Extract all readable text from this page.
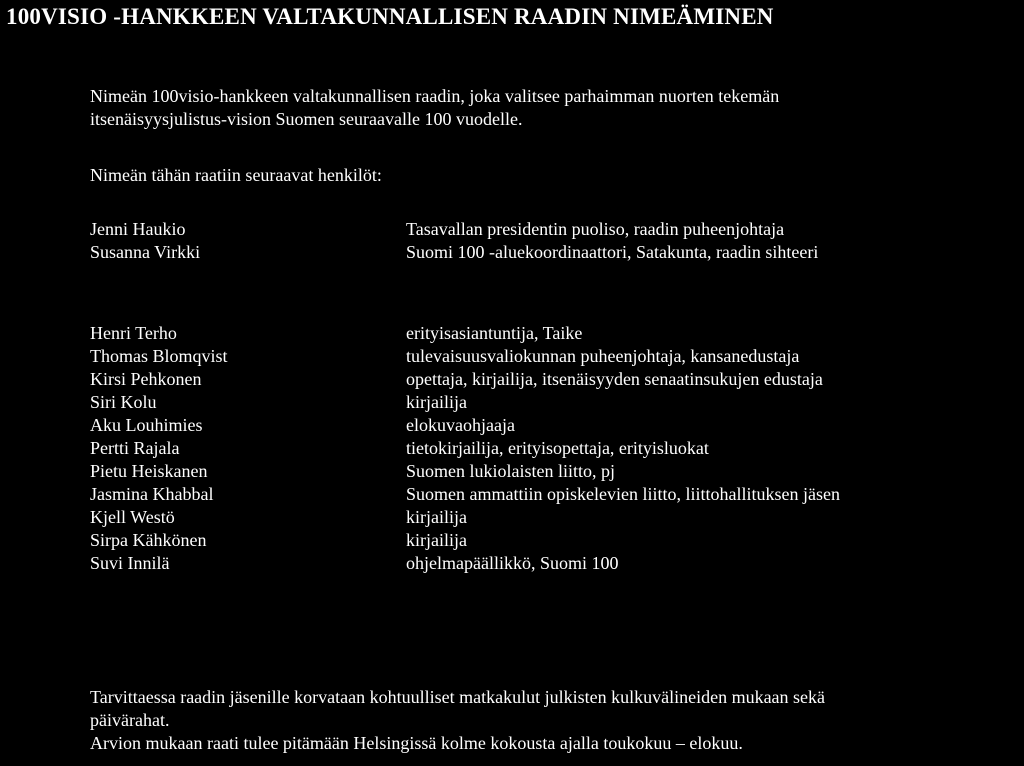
100VISIO -HANKKEEN VALTAKUNNALLISEN RAADIN NIMEÄMINEN
Nimeän 100visio-hankkeen valtakunnallisen raadin, joka valitsee parhaimman nuorten tekemän
itsenäisyysjulistus-vision Suomen seuraavalle 100 vuodelle.
Nimeän tähän raatiin seuraavat henkilöt:
Jenni Haukio	Tasavallan presidentin puoliso, raadin puheenjohtaja
Susanna Virkki	Suomi 100 -aluekoordinaattori, Satakunta, raadin sihteeri
Henri Terho	erityisasiantuntija, Taike
Thomas Blomqvist	tulevaisuusvaliokunnan puheenjohtaja, kansanedustaja
Kirsi Pehkonen	opettaja, kirjailija, itsenäisyyden senaatinsukujen edustaja
Siri Kolu	kirjailija
Aku Louhimies	elokuvaohjaaja
Pertti Rajala	tietokirjailija, erityisopettaja, erityisluokat
Pietu Heiskanen	Suomen lukiolaisten liitto, pj
Jasmina Khabbal	Suomen ammattiin opiskelevien liitto, liittohallituksen jäsen
Kjell Westö	kirjailija
Sirpa Kähkönen	kirjailija
Suvi Innilä	ohjelmapäällikkö, Suomi 100
Tarvittaessa raadin jäsenille korvataan kohtuulliset matkakulut julkisten kulkuvälineiden mukaan sekä
päivärahat.
Arvion mukaan raati tulee pitämään Helsingissä kolme kokousta ajalla toukokuu – elokuu.
